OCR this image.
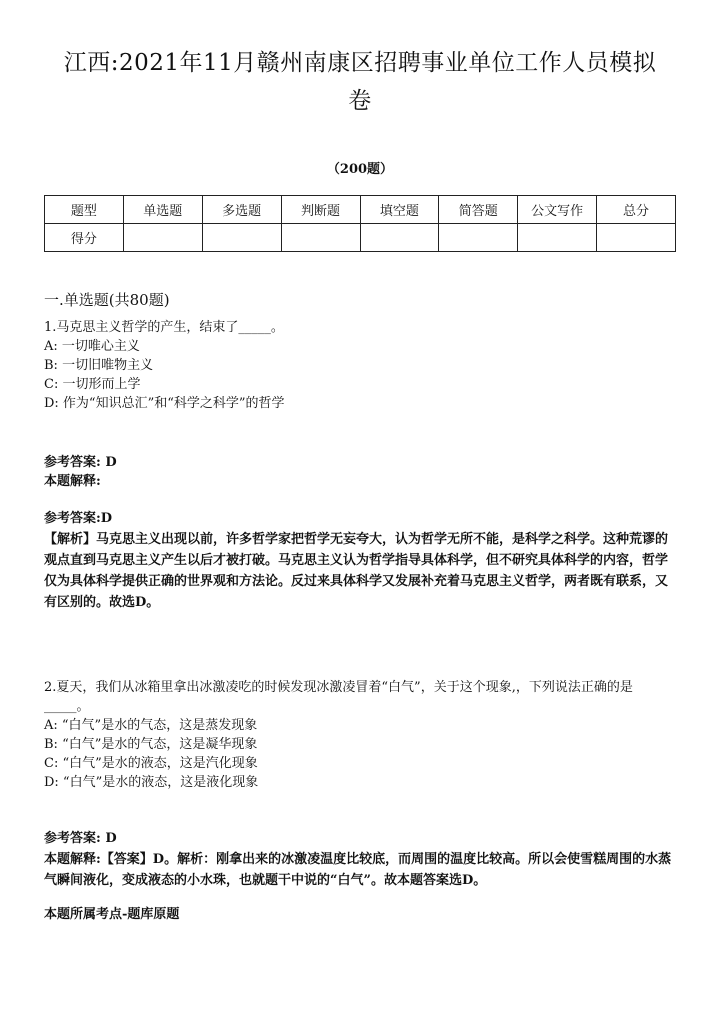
江西:2021年11月赣州南康区招聘事业单位工作人员模拟
卷
（200题）
题型	单选题	多选题	判断题	填空题	简答题	公文写作	总分
得分							
一.单选题(共80题)

1.马克思主义哲学的产生，结束了_____。

A: 一切唯心主义

B: 一切旧唯物主义

C: 一切形而上学

D: 作为“知识总汇”和“科学之科学”的哲学

参考答案: D

本题解释:

参考答案:D

【解析】马克思主义出现以前，许多哲学家把哲学无妄夸大，认为哲学无所不能，是科学之科学。这种荒谬的观点直到马克思主义产生以后才被打破。马克思主义认为哲学指导具体科学，但不研究具体科学的内容，哲学仅为具体科学提供正确的世界观和方法论。反过来具体科学又发展补充着马克思主义哲学，两者既有联系，又有区别的。故选D。

2.夏天，我们从冰箱里拿出冰激凌吃的时候发现冰激凌冒着“白气”，关于这个现象,，下列说法正确的是_____。

A: “白气”是水的气态，这是蒸发现象

B: “白气”是水的气态，这是凝华现象

C: “白气”是水的液态，这是汽化现象

D: “白气”是水的液态，这是液化现象

参考答案: D

本题解释:【答案】D。解析：刚拿出来的冰激凌温度比较底，而周围的温度比较高。所以会使雪糕周围的水蒸气瞬间液化，变成液态的小水珠，也就题干中说的“白气”。故本题答案选D。

本题所属考点-题库原题
